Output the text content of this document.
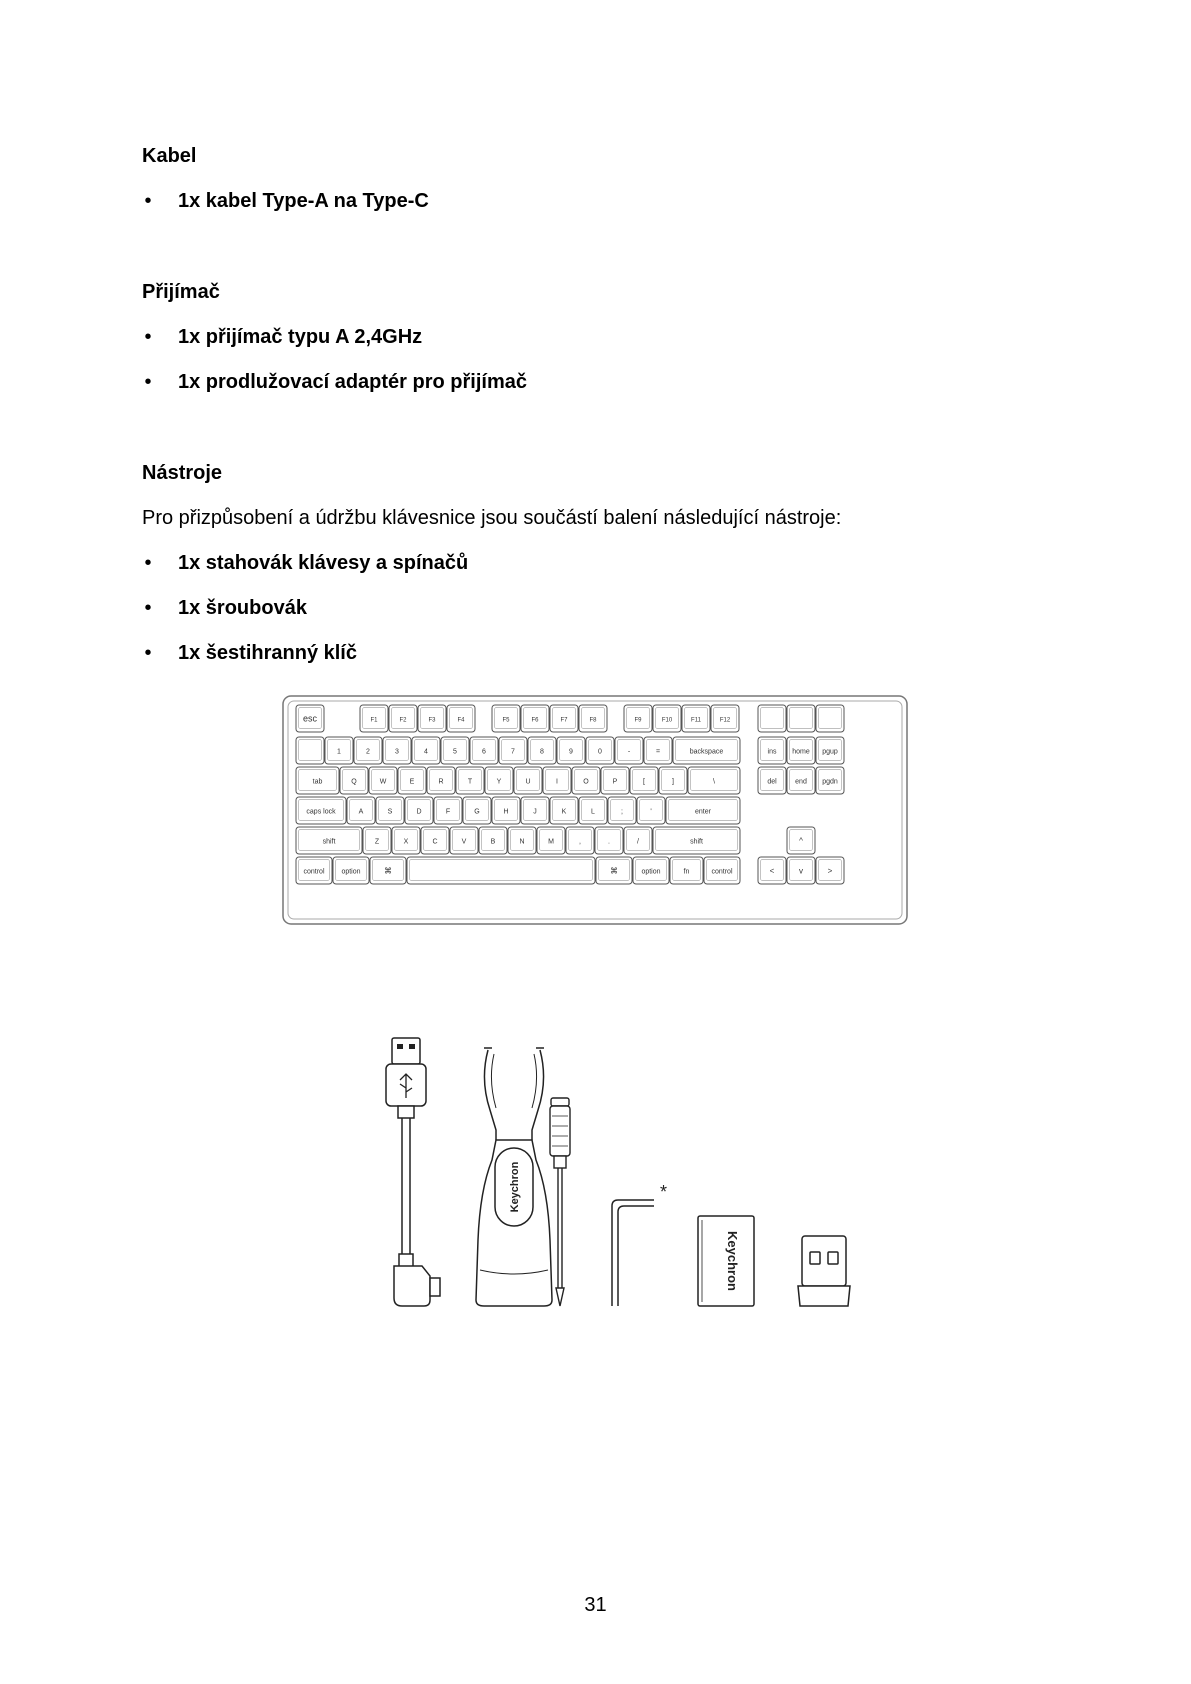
Kabel
• 1x kabel Type-A na Type-C
Přijímač
• 1x přijímač typu A 2,4GHz
• 1x prodlužovací adaptér pro přijímač
Nástroje

Pro přizpůsobení a údržbu klávesnice jsou součástí balení následující nástroje:

• 1x stahovák klávesy a spínačů
• 1x šroubovák
• 1x šestihranný klíč
esc	F1	F2	F3	F4	F5	F6	F7	F8	F9	F10	F11	F12
1	2	3	4	5	6	7	8	9	0	-	=	backspace	ins home pgup
tab	Q	W	E	R	T	Y	U	I	O	P	[	]	\	del	end pgdn
caps lock	A	S	D	F	G	H	J	K	L	;	'	enter
shift	Z	X	C	V	B	N	M	,	.	/	shift	^
control option	⌘	⌘	option	fn	control	<	v	>
Keychron	*
Keychron
31
